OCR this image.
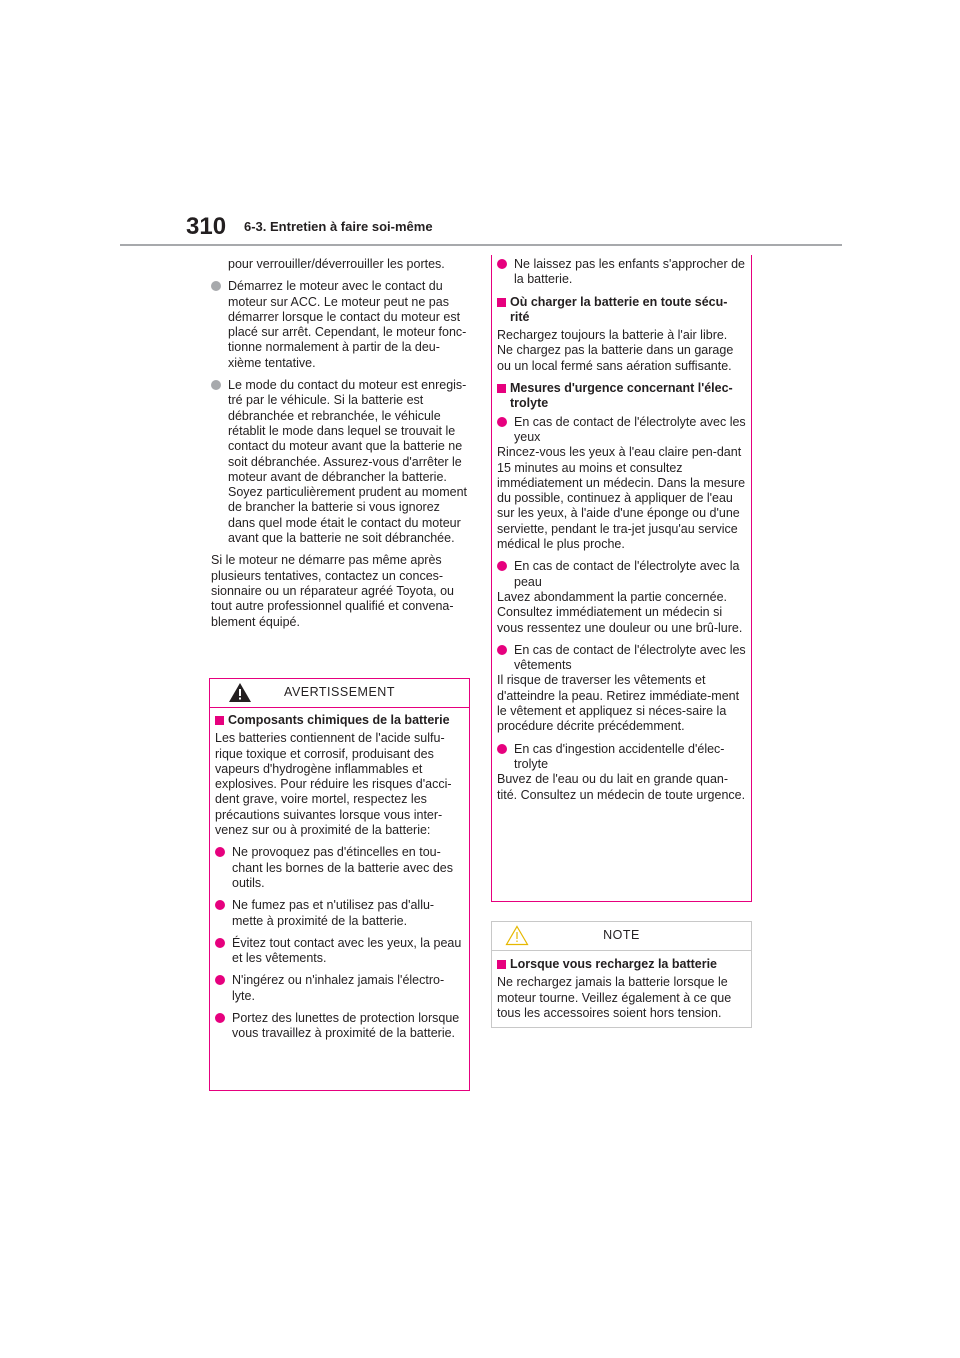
310 6-3. Entretien à faire soi-même

pour verrouiller/déverrouiller les portes.

Démarrez le moteur avec le contact du moteur sur ACC. Le moteur peut ne pas démarrer lorsque le contact du moteur est placé sur arrêt. Cependant, le moteur fonc-tionne normalement à partir de la deu-xième tentative.
Le mode du contact du moteur est enregis-tré par le véhicule. Si la batterie est débranchée et rebranchée, le véhicule rétablit le mode dans lequel se trouvait le contact du moteur avant que la batterie ne soit débranchée. Assurez-vous d'arrêter le moteur avant de débrancher la batterie. Soyez particulièrement prudent au moment de brancher la batterie si vous ignorez dans quel mode était le contact du moteur avant que la batterie ne soit débranchée.

Si le moteur ne démarre pas même après plusieurs tentatives, contactez un conces-sionnaire ou un réparateur agréé Toyota, ou tout autre professionnel qualifié et convena-blement équipé.

AVERTISSEMENT
Composants chimiques de la batterie

Les batteries contiennent de l'acide sulfu-rique toxique et corrosif, produisant des vapeurs d'hydrogène inflammables et explosives. Pour réduire les risques d'acci-dent grave, voire mortel, respectez les précautions suivantes lorsque vous inter-venez sur ou à proximité de la batterie:

Ne provoquez pas d'étincelles en tou-chant les bornes de la batterie avec des outils.
Ne fumez pas et n'utilisez pas d'allu-mette à proximité de la batterie.
Évitez tout contact avec les yeux, la peau et les vêtements.
N'ingérez ou n'inhalez jamais l'électro-lyte.
Portez des lunettes de protection lorsque vous travaillez à proximité de la batterie.
Ne laissez pas les enfants s'approcher de la batterie.
Où charger la batterie en toute sécu-rité

Rechargez toujours la batterie à l'air libre. Ne chargez pas la batterie dans un garage ou un local fermé sans aération suffisante.

Mesures d'urgence concernant l'élec-trolyte
En cas de contact de l'électrolyte avec les yeux

Rincez-vous les yeux à l'eau claire pen-dant 15 minutes au moins et consultez immédiatement un médecin. Dans la mesure du possible, continuez à appliquer de l'eau sur les yeux, à l'aide d'une éponge ou d'une serviette, pendant le tra-jet jusqu'au service médical le plus proche.

En cas de contact de l'électrolyte avec la peau

Lavez abondamment la partie concernée. Consultez immédiatement un médecin si vous ressentez une douleur ou une brû-lure.

En cas de contact de l'électrolyte avec les vêtements

Il risque de traverser les vêtements et d'atteindre la peau. Retirez immédiate-ment le vêtement et appliquez si néces-saire la procédure décrite précédemment.

En cas d'ingestion accidentelle d'élec-trolyte

Buvez de l'eau ou du lait en grande quan-tité. Consultez un médecin de toute urgence.

NOTE
Lorsque vous rechargez la batterie

Ne rechargez jamais la batterie lorsque le moteur tourne. Veillez également à ce que tous les accessoires soient hors tension.
